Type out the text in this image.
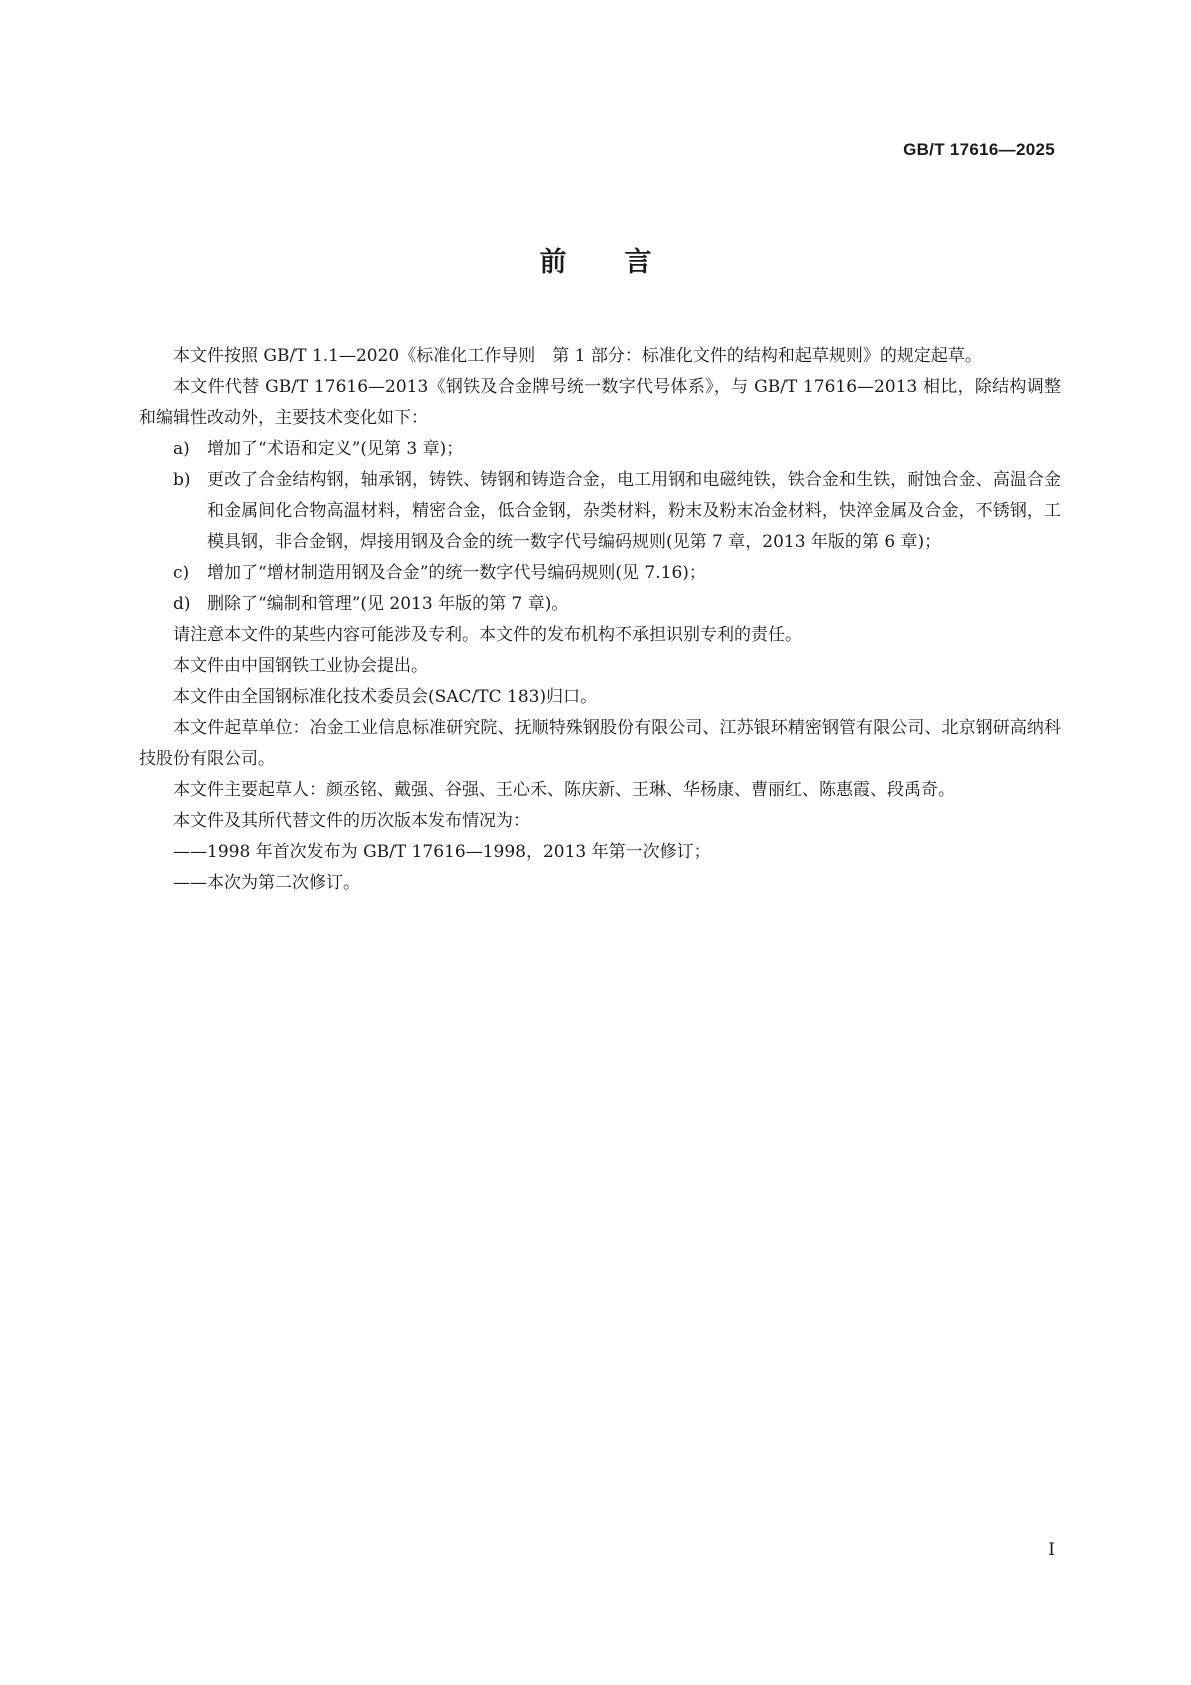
GB/T 17616—2025
前言

本文件按照 GB/T 1.1—2020《标准化工作导则　第 1 部分：标准化文件的结构和起草规则》的规定起草。

本文件代替 GB/T 17616—2013《钢铁及合金牌号统一数字代号体系》，与 GB/T 17616—2013 相比，除结构调整和编辑性改动外，主要技术变化如下：

a)	增加了“术语和定义”(见第 3 章)；
b) 更改了合金结构钢，轴承钢，铸铁、铸钢和铸造合金，电工用钢和电磁纯铁，铁合金和生铁，耐蚀合金、高温合金和金属间化合物高温材料，精密合金，低合金钢，杂类材料，粉末及粉末冶金材料，快淬金属及合金，不锈钢，工模具钢，非合金钢，焊接用钢及合金的统一数字代号编码规则(见第 7 章，2013 年版的第 6 章)；
c)	增加了“增材制造用钢及合金”的统一数字代号编码规则(见 7.16)；
d) 删除了“编制和管理”(见 2013 年版的第 7 章)。

请注意本文件的某些内容可能涉及专利。本文件的发布机构不承担识别专利的责任。

本文件由中国钢铁工业协会提出。

本文件由全国钢标准化技术委员会(SAC/TC 183)归口。

本文件起草单位：冶金工业信息标准研究院、抚顺特殊钢股份有限公司、江苏银环精密钢管有限公司、北京钢研高纳科技股份有限公司。

本文件主要起草人：颜丞铭、戴强、谷强、王心禾、陈庆新、王琳、华杨康、曹丽红、陈惠霞、段禹奇。

本文件及其所代替文件的历次版本发布情况为：

——1998 年首次发布为 GB/T 17616—1998，2013 年第一次修订；

——本次为第二次修订。

Ⅰ
